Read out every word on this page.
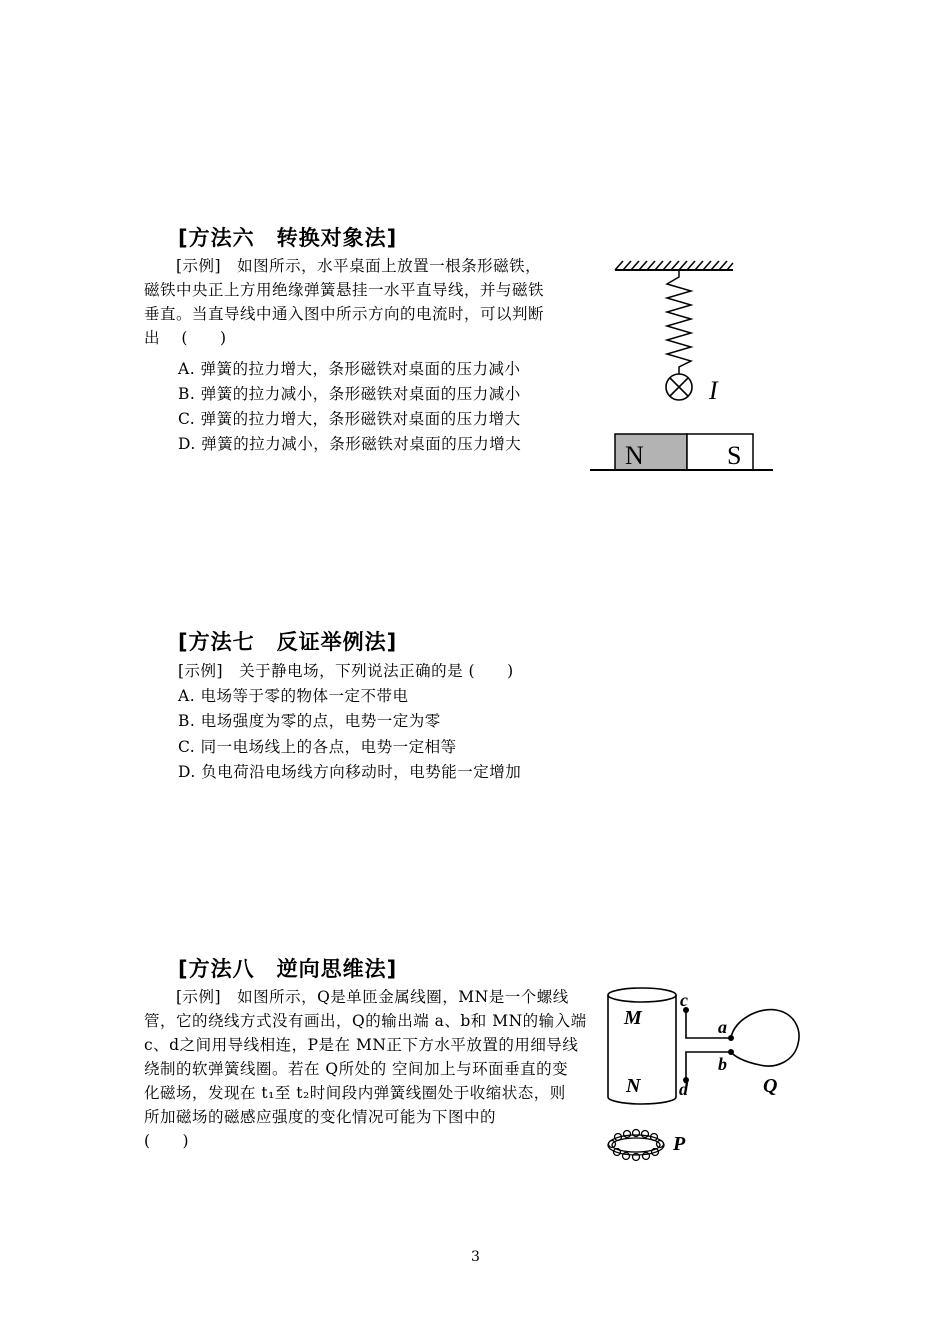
[方法六　转换对象法]
　　[示例]　如图所示，水平桌面上放置一根条形磁铁，
磁铁中央正上方用绝缘弹簧悬挂一水平直导线，并与磁铁
垂直。当直导线中通入图中所示方向的电流时，可以判断
出　 (　　)
A. 弹簧的拉力增大，条形磁铁对桌面的压力减小
B. 弹簧的拉力减小，条形磁铁对桌面的压力减小
C. 弹簧的拉力增大，条形磁铁对桌面的压力增大
D. 弹簧的拉力减小，条形磁铁对桌面的压力增大
I
N	S
[方法七　反证举例法]
[示例]　关于静电场，下列说法正确的是 (　　)
A. 电场等于零的物体一定不带电
B. 电场强度为零的点，电势一定为零
C. 同一电场线上的各点，电势一定相等
D. 负电荷沿电场线方向移动时，电势能一定增加
[方法八　逆向思维法]
　　[示例]　如图所示，Q是单匝金属线圈，MN是一个螺线
管，它的绕线方式没有画出，Q的输出端 a、b和 MN的输入端
c、d之间用导线相连，P是在 MN正下方水平放置的用细导线
绕制的软弹簧线圈。若在 Q所处的 空间加上与环面垂直的变
化磁场，发现在 t₁至 t₂时间段内弹簧线圈处于收缩状态，则
所加磁场的磁感应强度的变化情况可能为下图中的
(　　)
M
N
c
d
a
b
Q
P
3
